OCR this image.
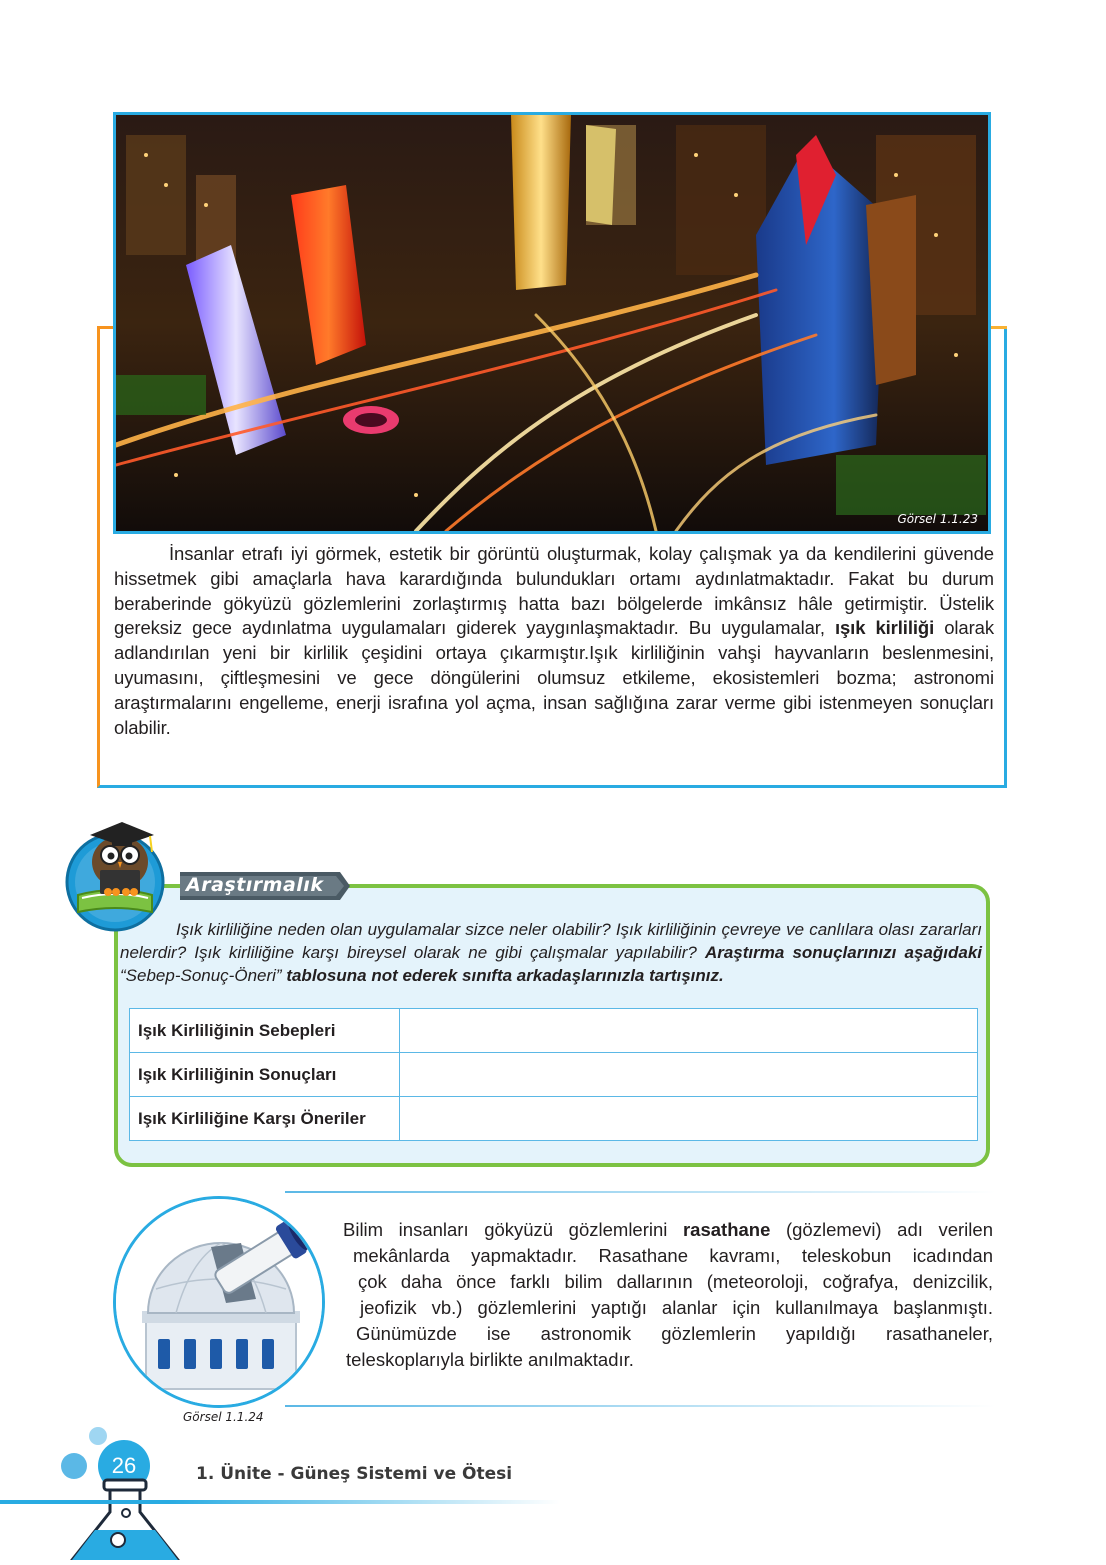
Görsel 1.1.23
İnsanlar etrafı iyi görmek, estetik bir görüntü oluşturmak, kolay çalışmak ya da kendilerini güvende hissetmek gibi amaçlarla hava karardığında bulundukları ortamı aydınlatmaktadır. Fakat bu durum beraberinde gökyüzü gözlemlerini zorlaştırmış hatta bazı bölgelerde imkânsız hâle getirmiştir. Üstelik gereksiz gece aydınlatma uygulamaları giderek yaygınlaşmaktadır. Bu uygulamalar, ışık kirliliği olarak adlandırılan yeni bir kirlilik çeşidini ortaya çıkarmıştır.Işık kirliliğinin vahşi hayvanların beslenmesini, uyumasını, çiftleşmesini ve gece döngülerini olumsuz etkileme, ekosistemleri bozma; astronomi araştırmalarını engelleme, enerji israfına yol açma, insan sağlığına zarar verme gibi istenmeyen sonuçları olabilir.
Araştırmalık
Işık kirliliğine neden olan uygulamalar sizce neler olabilir? Işık kirliliğinin çevreye ve canlılara olası zararları nelerdir? Işık kirliliğine karşı bireysel olarak ne gibi çalışmalar yapılabilir? Araştırma sonuçlarınızı aşağıdaki “Sebep-Sonuç-Öneri” tablosuna not ederek sınıfta arkadaşlarınızla tartışınız.
Işık Kirliliğinin Sebepleri	
Işık Kirliliğinin Sonuçları	
Işık Kirliliğine Karşı Öneriler	
Bilim insanları gökyüzü gözlemlerini rasathane (gözlemevi) adı verilen
mekânlarda yapmaktadır. Rasathane kavramı, teleskobun icadından
çok daha önce farklı bilim dallarının (meteoroloji, coğrafya, denizcilik,
jeofizik vb.) gözlemlerini yaptığı alanlar için kullanılmaya başlanmıştı.
Günümüzde ise astronomik gözlemlerin yapıldığı rasathaneler,
teleskoplarıyla birlikte anılmaktadır.
Görsel 1.1.24
26	1. Ünite - Güneş Sistemi ve Ötesi
